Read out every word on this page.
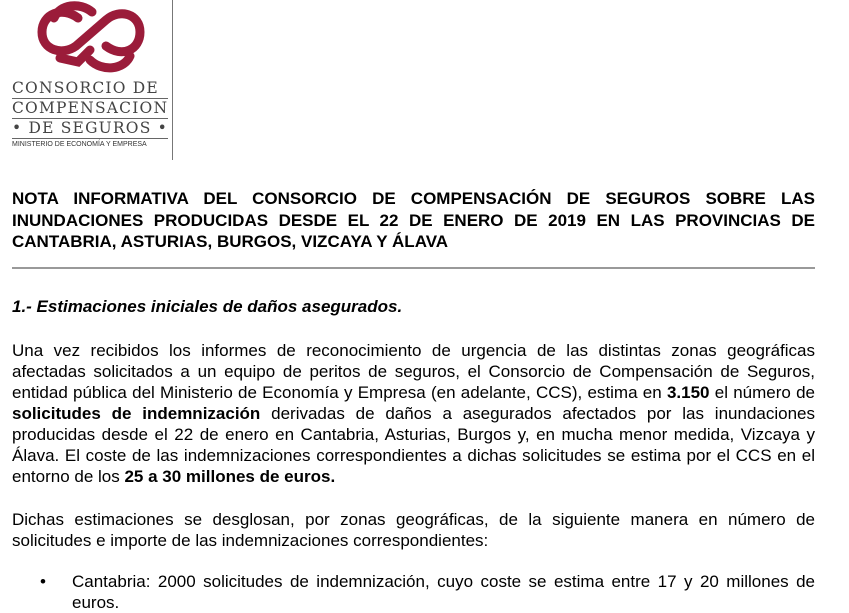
CONSORCIO DE
COMPENSACION
• DE SEGUROS •
MINISTERIO DE ECONOMÍA Y EMPRESA
NOTA INFORMATIVA DEL CONSORCIO DE COMPENSACIÓN DE SEGUROS SOBRE LAS INUNDACIONES PRODUCIDAS DESDE EL 22 DE ENERO DE 2019 EN LAS PROVINCIAS DE CANTABRIA, ASTURIAS, BURGOS, VIZCAYA Y ÁLAVA
1.- Estimaciones iniciales de daños asegurados.
Una vez recibidos los informes de reconocimiento de urgencia de las distintas zonas geográficas afectadas solicitados a un equipo de peritos de seguros, el Consorcio de Compensación de Seguros, entidad pública del Ministerio de Economía y Empresa (en adelante, CCS), estima en 3.150 el número de solicitudes de indemnización derivadas de daños a asegurados afectados por las inundaciones producidas desde el 22 de enero en Cantabria, Asturias, Burgos y, en mucha menor medida, Vizcaya y Álava. El coste de las indemnizaciones correspondientes a dichas solicitudes se estima por el CCS en el entorno de los 25 a 30 millones de euros.
Dichas estimaciones se desglosan, por zonas geográficas, de la siguiente manera en número de solicitudes e importe de las indemnizaciones correspondientes:
• Cantabria: 2000 solicitudes de indemnización, cuyo coste se estima entre 17 y 20 millones de euros.
